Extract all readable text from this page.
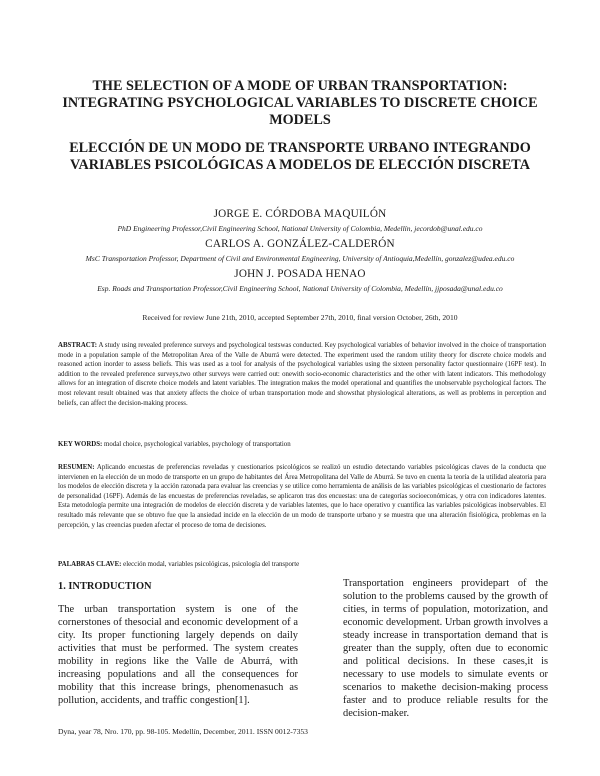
THE SELECTION OF A MODE OF URBAN TRANSPORTATION: INTEGRATING PSYCHOLOGICAL VARIABLES TO DISCRETE CHOICE MODELS
ELECCIÓN DE UN MODO DE TRANSPORTE URBANO INTEGRANDO VARIABLES PSICOLÓGICAS A MODELOS DE ELECCIÓN DISCRETA
JORGE E. CÓRDOBA MAQUILÓN
PhD Engineering Professor,Civil Engineering School, National University of Colombia, Medellín, jecordob@unal.edu.co
CARLOS A. GONZÁLEZ-CALDERÓN
MsC Transportation Professor, Department of Civil and Environmental Engineering, University of Antioquia,Medellín, gonzalez@udea.edu.co
JOHN J. POSADA HENAO
Esp. Roads and Transportation Professor,Civil Engineering School, National University of Colombia, Medellín, jjposada@unal.edu.co
Received for review June 21th, 2010, accepted September 27th, 2010, final version October, 26th, 2010
ABSTRACT: A study using revealed preference surveys and psychological testswas conducted. Key psychological variables of behavior involved in the choice of transportation mode in a population sample of the Metropolitan Area of the Valle de Aburrá were detected. The experiment used the random utility theory for discrete choice models and reasoned action inorder to assess beliefs. This was used as a tool for analysis of the psychological variables using the sixteen personality factor questionnaire (16PF test). In addition to the revealed preference surveys,two other surveys were carried out: onewith socio-economic characteristics and the other with latent indicators. This methodology allows for an integration of discrete choice models and latent variables. The integration makes the model operational and quantifies the unobservable psychological factors. The most relevant result obtained was that anxiety affects the choice of urban transportation mode and showsthat physiological alterations, as well as problems in perception and beliefs, can affect the decision-making process.
KEY WORDS: modal choice, psychological variables, psychology of transportation
RESUMEN: Aplicando encuestas de preferencias reveladas y cuestionarios psicológicos se realizó un estudio detectando variables psicológicas claves de la conducta que intervienen en la elección de un modo de transporte en un grupo de habitantes del Área Metropolitana del Valle de Aburrá. Se tuvo en cuenta la teoría de la utilidad aleatoria para los modelos de elección discreta y la acción razonada para evaluar las creencias y se utilice como herramienta de análisis de las variables psicológicas el cuestionario de factores de personalidad (16PF). Además de las encuestas de preferencias reveladas, se aplicaron tras dos encuestas: una de categorías socioeconómicas, y otra con indicadores latentes. Esta metodología permite una integración de modelos de elección discreta y de variables latentes, que lo hace operativo y cuantifica las variables psicológicas inobservables. El resultado más relevante que se obtuvo fue que la ansiedad incide en la elección de un modo de transporte urbano y se muestra que una alteración fisiológica, problemas en la percepción, y las creencias pueden afectar el proceso de toma de decisiones.
PALABRAS CLAVE: elección modal, variables psicológicas, psicología del transporte
1. INTRODUCTION

The urban transportation system is one of the cornerstones of thesocial and economic development of a city. Its proper functioning largely depends on daily activities that must be performed. The system creates mobility in regions like the Valle de Aburrá, with increasing populations and all the consequences for mobility that this increase brings, phenomenasuch as pollution, accidents, and traffic congestion[1].

Transportation engineers providepart of the solution to the problems caused by the growth of cities, in terms of population, motorization, and economic development. Urban growth involves a steady increase in transportation demand that is greater than the supply, often due to economic and political decisions. In these cases,it is necessary to use models to simulate events or scenarios to makethe decision-making process faster and to produce reliable results for the decision-maker.

Dyna, year 78, Nro. 170, pp. 98-105. Medellín, December, 2011. ISSN 0012-7353
